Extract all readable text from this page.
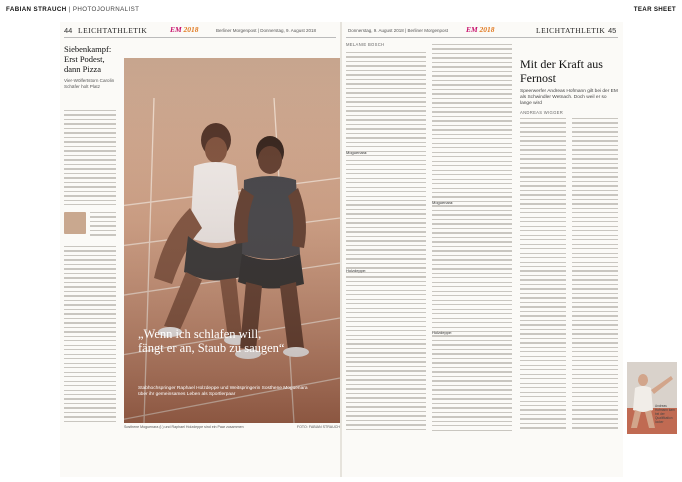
FABIAN STRAUCH | PHOTOJOURNALIST	TEAR SHEET
44 LEICHTATHLETIK	EM 2018	Berliner Morgenpost | Donnerstag, 9. August 2018	Donnerstag, 9. August 2018 | Berliner Morgenpost EM 2018	LEICHTATHLETIK 45
Siebenkampf: Erst Podest, dann Pizza
Vier-Wölfertstorn Carolin Schäfer holt Platz
„Wenn ich schlafen will, fängt er an, Staub zu saugen“
Stabhochspringer Raphael Holzdeppe und Weitspringerin Sosthene Moguenara über ihr gemeinsames Leben als Sportlerpaar
Sosthene Moguenara (l.) und Raphael Holzdeppe sind ein Paar zusammen	FOTO: FABIAN STRAUCH
MELANIE BOSCH
Moguenara:
Holzdeppe:
Moguenara:
Holzdeppe:
Mit der Kraft aus Fernost
Speerwerfer Andreas Hofmann gilt bei der EM als Schwindler Wetnach. Doch weil er so lange wird
ANDREAS WIGGER
Andreas Hofmann kam bei der Qualifikation locker
